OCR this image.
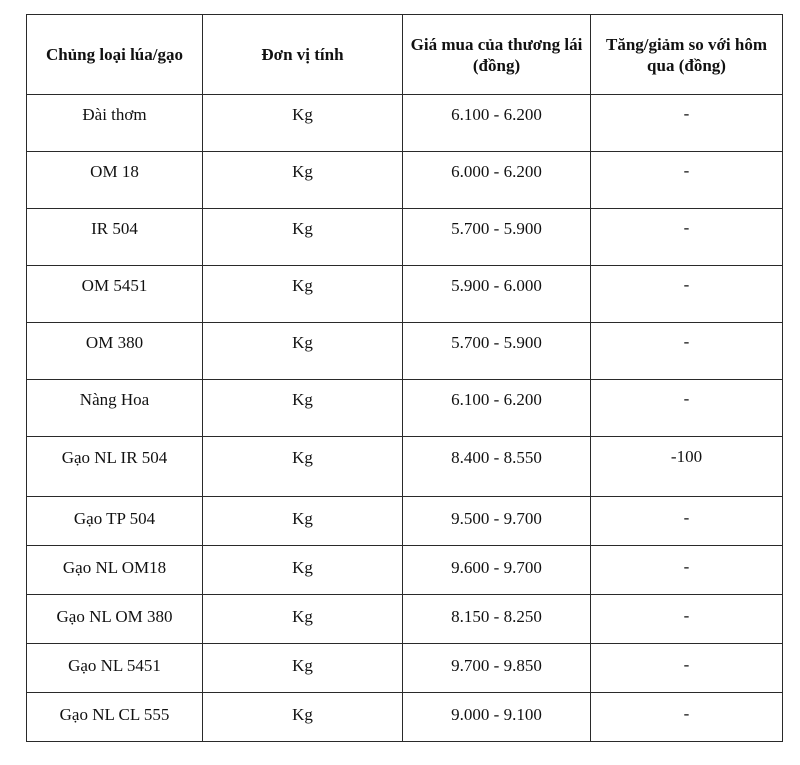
Chủng loại lúa/gạo	Đơn vị tính	Giá mua của thương lái (đồng)	Tăng/giảm so với hôm qua (đồng)
Đài thơm	Kg	6.100 - 6.200	-
OM 18	Kg	6.000 - 6.200	-
IR 504	Kg	5.700 - 5.900	-
OM 5451	Kg	5.900 - 6.000	-
OM 380	Kg	5.700 - 5.900	-
Nàng Hoa	Kg	6.100 - 6.200	-
Gạo NL IR 504	Kg	8.400 - 8.550	-100
Gạo TP 504	Kg	9.500 - 9.700	-
Gạo NL OM18	Kg	9.600 - 9.700	-
Gạo NL OM 380	Kg	8.150 - 8.250	-
Gạo NL 5451	Kg	9.700 - 9.850	-
Gạo NL CL 555	Kg	9.000 - 9.100	-
